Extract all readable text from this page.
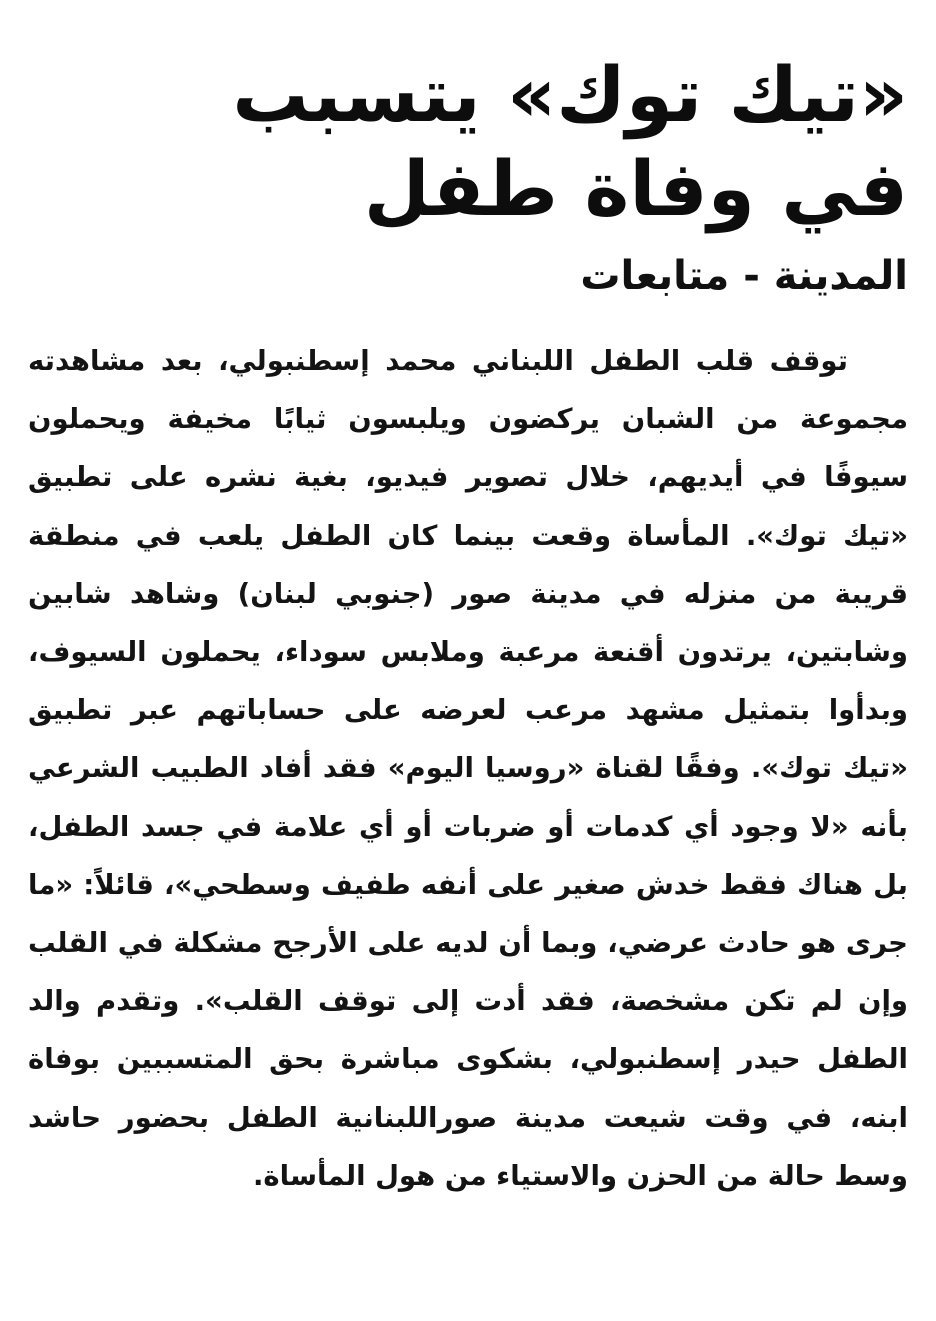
«تيك توك» يتسبب
في وفاة طفل
المدينة - متابعات

توقف قلب الطفل اللبناني محمد إسطنبولي، بعد مشاهدته مجموعة من الشبان يركضون ويلبسون ثيابًا مخيفة ويحملون سيوفًا في أيديهم، خلال تصوير فيديو، بغية نشره على تطبيق «تيك توك». المأساة وقعت بينما كان الطفل يلعب في منطقة قريبة من منزله في مدينة صور (جنوبي لبنان) وشاهد شابين وشابتين، يرتدون أقنعة مرعبة وملابس سوداء، يحملون السيوف، وبدأوا بتمثيل مشهد مرعب لعرضه على حساباتهم عبر تطبيق «تيك توك». وفقًا لقناة «روسيا اليوم» فقد أفاد الطبيب الشرعي بأنه «لا وجود أي كدمات أو ضربات أو أي علامة في جسد الطفل، بل هناك فقط خدش صغير على أنفه طفيف وسطحي»، قائلاً: «ما جرى هو حادث عرضي، وبما أن لديه على الأرجح مشكلة في القلب وإن لم تكن مشخصة، فقد أدت إلى توقف القلب». وتقدم والد الطفل حيدر إسطنبولي، بشكوى مباشرة بحق المتسببين بوفاة ابنه، في وقت شيعت مدينة صوراللبنانية الطفل بحضور حاشد وسط حالة من الحزن والاستياء من هول المأساة.
